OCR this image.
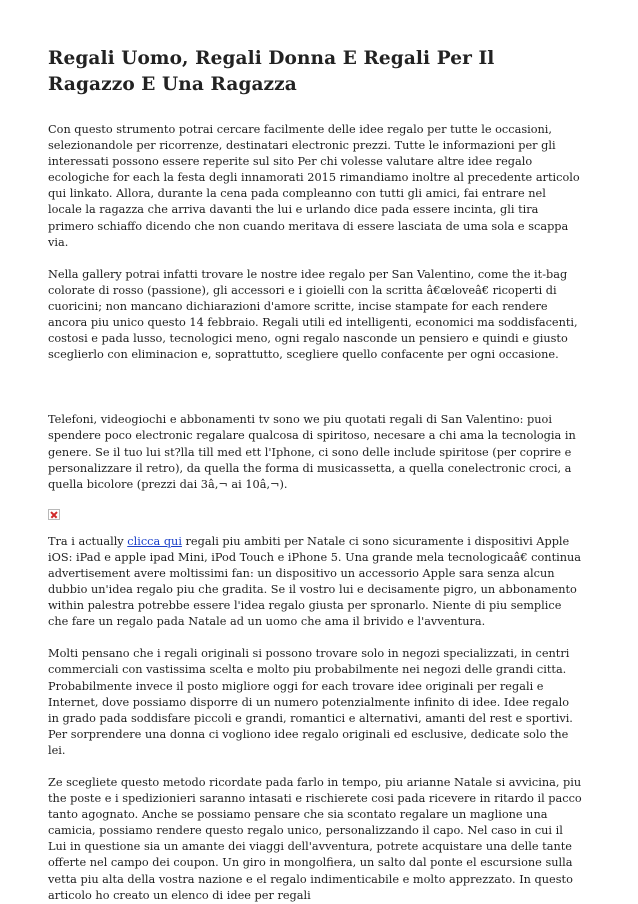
Regali Uomo, Regali Donna E Regali Per Il Ragazzo E Una Ragazza

Con questo strumento potrai cercare facilmente delle idee regalo per tutte le occasioni, selezionandole per ricorrenze, destinatari electronic prezzi. Tutte le informazioni per gli interessati possono essere reperite sul sito Per chi volesse valutare altre idee regalo ecologiche for each la festa degli innamorati 2015 rimandiamo inoltre al precedente articolo qui linkato. Allora, durante la cena pada compleanno con tutti gli amici, fai entrare nel locale la ragazza che arriva davanti the lui e urlando dice pada essere incinta, gli tira primero schiaffo dicendo che non cuando meritava di essere lasciata de uma sola e scappa via.

Nella gallery potrai infatti trovare le nostre idee regalo per San Valentino, come the it-bag colorate di rosso (passione), gli accessori e i gioielli con la scritta â€œloveâ€ ricoperti di cuoricini; non mancano dichiarazioni d'amore scritte, incise stampate for each rendere ancora piu unico questo 14 febbraio. Regali utili ed intelligenti, economici ma soddisfacenti, costosi e pada lusso, tecnologici meno, ogni regalo nasconde un pensiero e quindi e giusto sceglierlo con eliminacion e, soprattutto, scegliere quello confacente per ogni occasione.

Telefoni, videogiochi e abbonamenti tv sono we piu quotati regali di San Valentino: puoi spendere poco electronic regalare qualcosa di spiritoso, necesare a chi ama la tecnologia in genere. Se il tuo lui st?lla till med ett l'Iphone, ci sono delle include spiritose (per coprire e personalizzare il retro), da quella the forma di musicassetta, a quella conelectronic croci, a quella bicolore (prezzi dai 3â‚¬ ai 10â‚¬).

Tra i actually clicca qui regali piu ambiti per Natale ci sono sicuramente i dispositivi Apple iOS: iPad e apple ipad Mini, iPod Touch e iPhone 5. Una grande mela tecnologicaâ€ continua advertisement avere moltissimi fan: un dispositivo un accessorio Apple sara senza alcun dubbio un'idea regalo piu che gradita. Se il vostro lui e decisamente pigro, un abbonamento within palestra potrebbe essere l'idea regalo giusta per spronarlo. Niente di piu semplice che fare un regalo pada Natale ad un uomo che ama il brivido e l'avventura.

Molti pensano che i regali originali si possono trovare solo in negozi specializzati, in centri commerciali con vastissima scelta e molto piu probabilmente nei negozi delle grandi citta. Probabilmente invece il posto migliore oggi for each trovare idee originali per regali e Internet, dove possiamo disporre di un numero potenzialmente infinito di idee. Idee regalo in grado pada soddisfare piccoli e grandi, romantici e alternativi, amanti del rest e sportivi. Per sorprendere una donna ci vogliono idee regalo originali ed esclusive, dedicate solo the lei.

Ze scegliete questo metodo ricordate pada farlo in tempo, piu arianne Natale si avvicina, piu the poste e i spedizionieri saranno intasati e rischierete cosi pada ricevere in ritardo il pacco tanto agognato. Anche se possiamo pensare che sia scontato regalare un maglione una camicia, possiamo rendere questo regalo unico, personalizzando il capo. Nel caso in cui il Lui in questione sia un amante dei viaggi dell'avventura, potrete acquistare una delle tante offerte nel campo dei coupon. Un giro in mongolfiera, un salto dal ponte el escursione sulla vetta piu alta della vostra nazione e el regalo indimenticabile e molto apprezzato. In questo articolo ho creato un elenco di idee per regali
